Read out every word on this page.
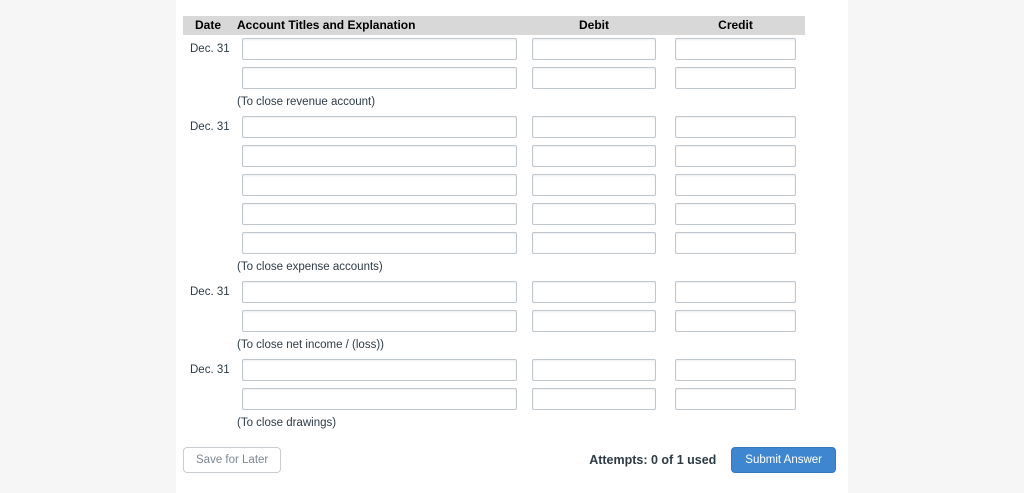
Date Account Titles and Explanation	Debit	Credit
Dec. 31
(To close revenue account)
Dec. 31
(To close expense accounts)
Dec. 31
(To close net income / (loss))
Dec. 31
(To close drawings)
Save for Later	Attempts: 0 of 1 used	Submit Answer
